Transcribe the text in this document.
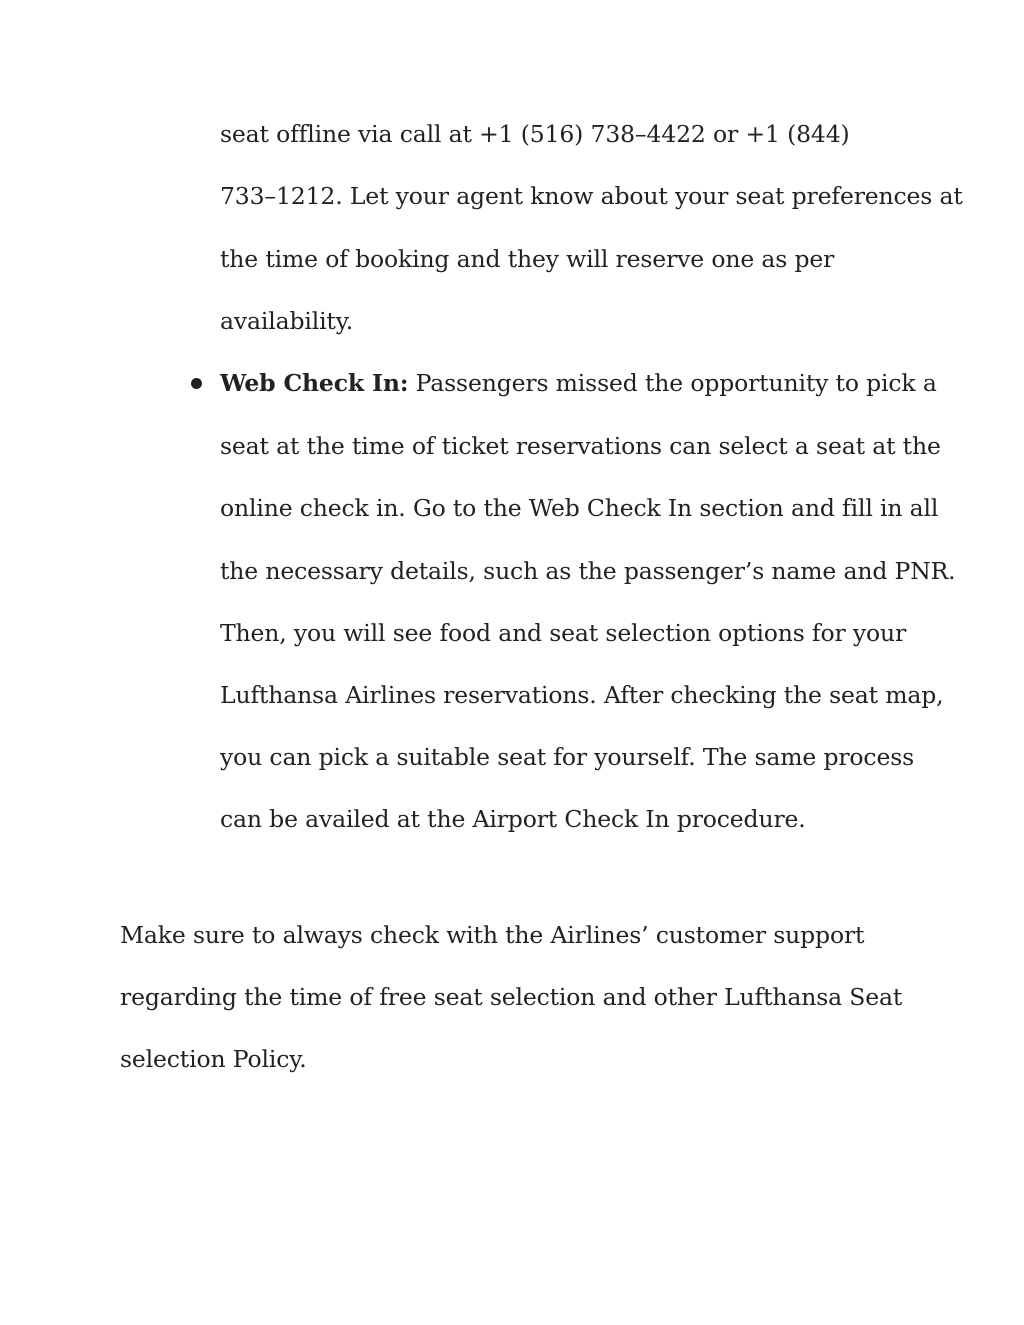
seat offline via call at +1 (516) 738–4422 or +1 (844)
733–1212. Let your agent know about your seat preferences at
the time of booking and they will reserve one as per
availability.
Web Check In: Passengers missed the opportunity to pick a
seat at the time of ticket reservations can select a seat at the
online check in. Go to the Web Check In section and fill in all
the necessary details, such as the passenger’s name and PNR.
Then, you will see food and seat selection options for your
Lufthansa Airlines reservations. After checking the seat map,
you can pick a suitable seat for yourself. The same process
can be availed at the Airport Check In procedure.
Make sure to always check with the Airlines’ customer support
regarding the time of free seat selection and other Lufthansa Seat
selection Policy.
